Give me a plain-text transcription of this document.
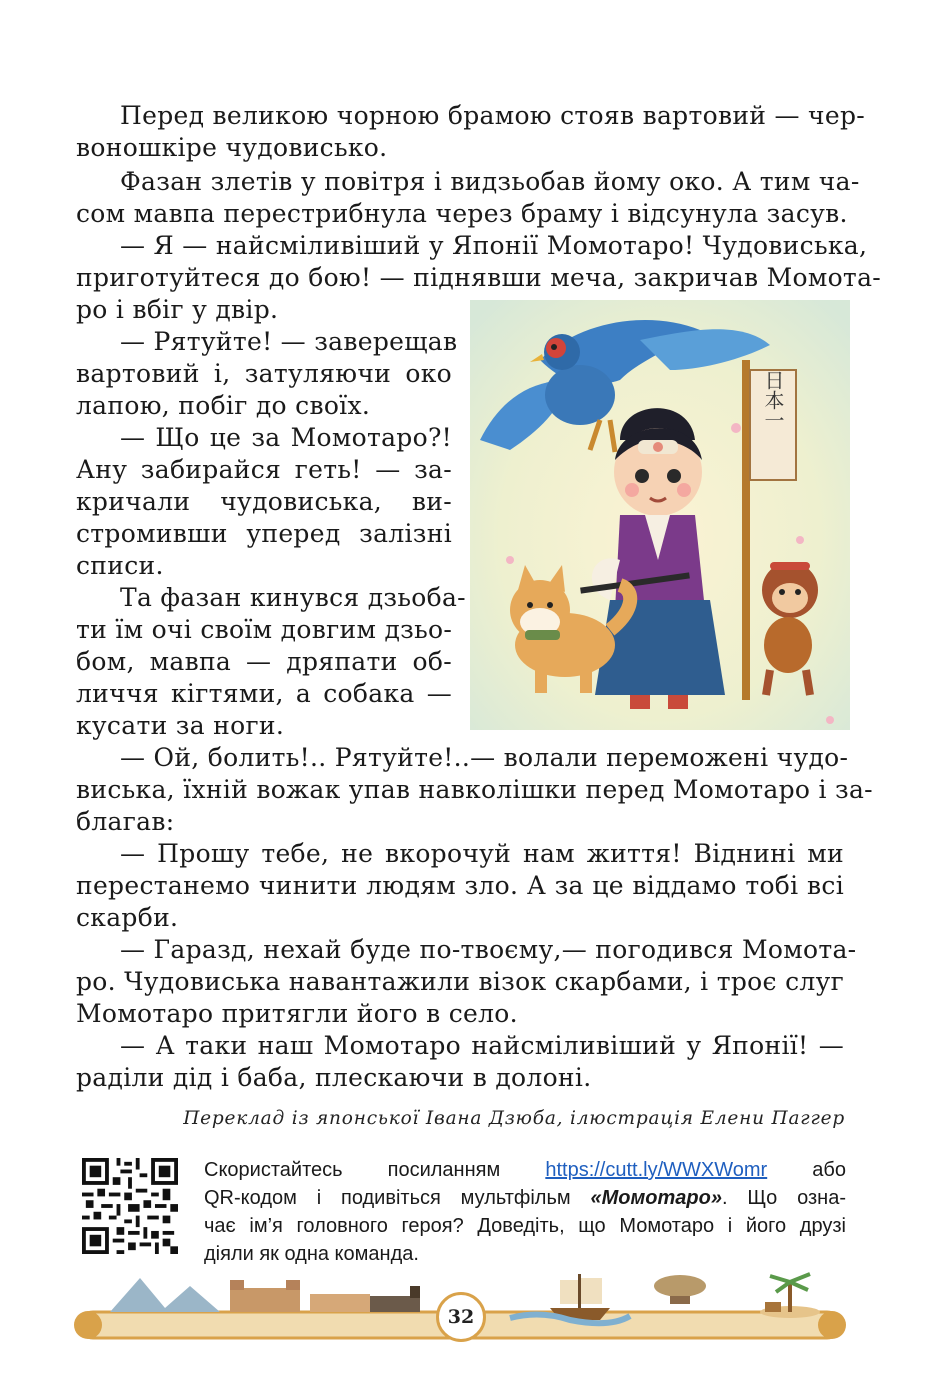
Перед великою чорною брамою стояв вартовий — чер-
воношкіре чудовисько.
Фазан злетів у повітря і видзьобав йому око. А тим ча-
сом мавпа перестрибнула через браму і відсунула засув.
— Я — найсміливіший у Японії Момотаро! Чудовиська,
приготуйтеся до бою! — піднявши меча, закричав Момота-
ро і вбіг у двір.
— Рятуйте! — заверещав
вартовий і, затуляючи око
лапою, побіг до своїх.
— Що це за Момотаро?!
Ану забирайся геть! — за-
кричали чудовиська, ви-
стромивши уперед залізні
списи.
Та фазан кинувся дзьоба-
ти їм очі своїм довгим дзьо-
бом, мавпа — дряпати об-
личчя кігтями, а собака —
кусати за ноги.
— Ой, болить!.. Рятуйте!..— волали переможені чудо-
виська, їхній вожак упав навколішки перед Момотаро і за-
благав:
— Прошу тебе, не вкорочуй нам життя! Віднині ми
перестанемо чинити людям зло. А за це віддамо тобі всі
скарби.
— Гаразд, нехай буде по-твоєму,— погодився Момота-
ро. Чудовиська навантажили візок скарбами, і троє слуг
Момотаро притягли його в село.
— А таки наш Момотаро найсміливіший у Японії! —
раділи дід і баба, плескаючи в долоні.
日本一
Переклад із японської Івана Дзюба, ілюстрація Елени Паггер
Скористайтесь посиланням https://cutt.ly/WWXWomr або
QR-кодом і подивіться мультфільм «Момотаро». Що озна-
чає ім’я головного героя? Доведіть, що Момотаро і його друзі
діяли як одна команда.
32
